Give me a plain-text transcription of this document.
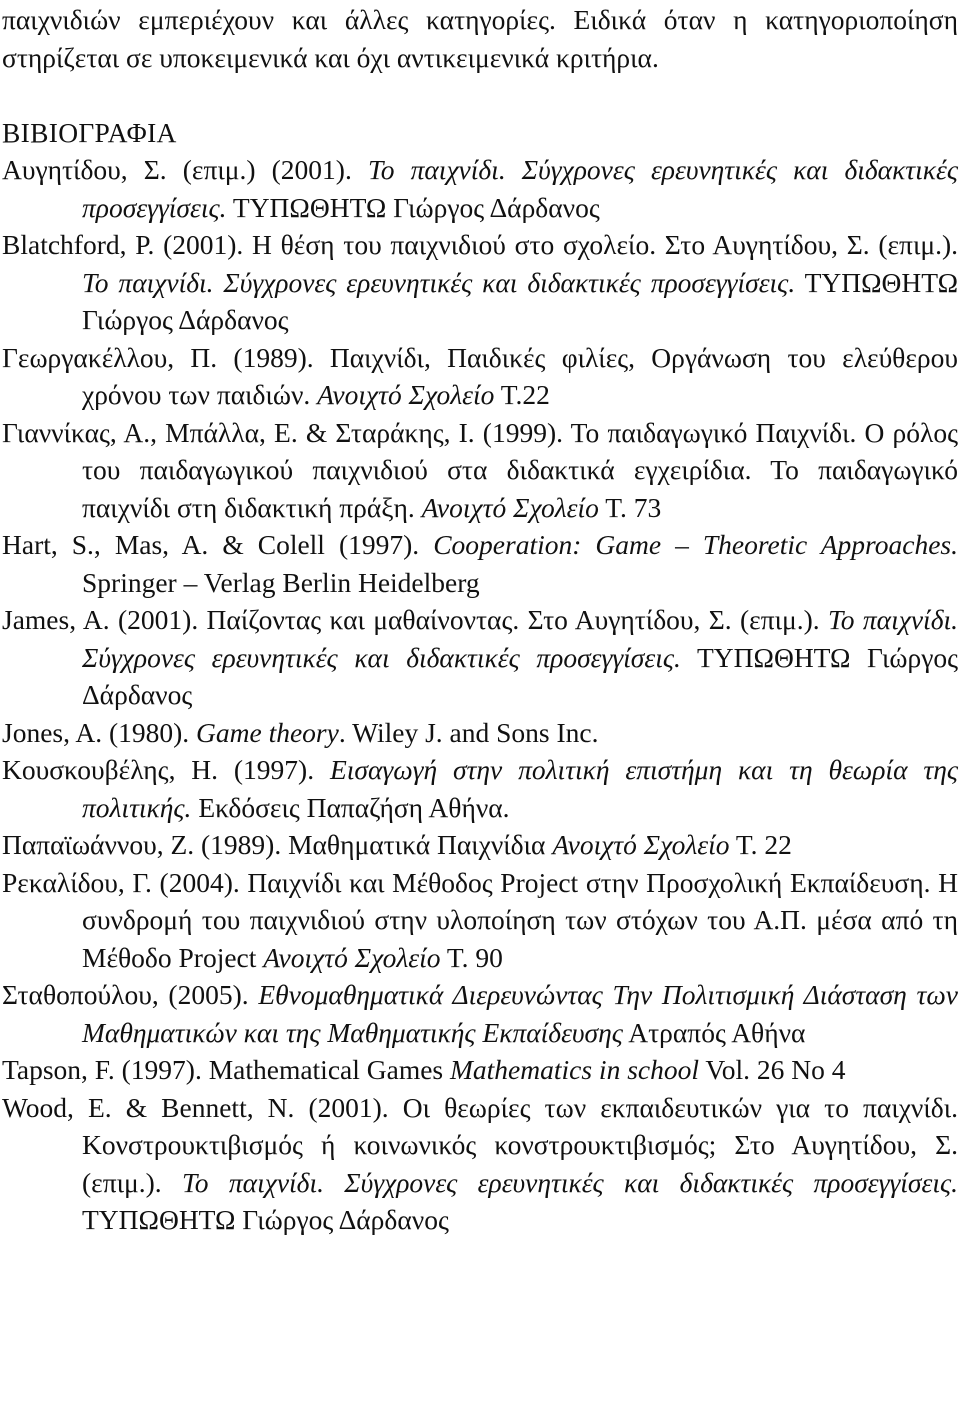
παιχνιδιών εμπεριέχουν και άλλες κατηγορίες. Ειδικά όταν η κατηγοριοποίηση στηρίζεται σε υποκειμενικά και όχι αντικειμενικά κριτήρια.

ΒΙΒΙΟΓΡΑΦΙΑ
Αυγητίδου, Σ. (επιμ.) (2001). Το παιχνίδι. Σύγχρονες ερευνητικές και διδακτικές προσεγγίσεις. ΤΥΠΩΘΗΤΩ Γιώργος Δάρδανος
Blatchford, P. (2001). Η θέση του παιχνιδιού στο σχολείο. Στο Αυγητίδου, Σ. (επιμ.). Το παιχνίδι. Σύγχρονες ερευνητικές και διδακτικές προσεγγίσεις. ΤΥΠΩΘΗΤΩ Γιώργος Δάρδανος
Γεωργακέλλου, Π. (1989). Παιχνίδι, Παιδικές φιλίες, Οργάνωση του ελεύθερου χρόνου των παιδιών. Ανοιχτό Σχολείο Τ.22
Γιαννίκας, Α., Μπάλλα, Ε. & Σταράκης, Ι. (1999). Το παιδαγωγικό Παιχνίδι. Ο ρόλος του παιδαγωγικού παιχνιδιού στα διδακτικά εγχειρίδια. Το παιδαγωγικό παιχνίδι στη διδακτική πράξη. Ανοιχτό Σχολείο Τ. 73
Hart, S., Mas, A. & Colell (1997). Cooperation: Game – Theoretic Approaches. Springer – Verlag Berlin Heidelberg
James, A. (2001). Παίζοντας και μαθαίνοντας. Στο Αυγητίδου, Σ. (επιμ.). Το παιχνίδι. Σύγχρονες ερευνητικές και διδακτικές προσεγγίσεις. ΤΥΠΩΘΗΤΩ Γιώργος Δάρδανος
Jones, A. (1980). Game theory. Wiley J. and Sons Inc.
Κουσκουβέλης, Η. (1997). Εισαγωγή στην πολιτική επιστήμη και τη θεωρία της πολιτικής. Εκδόσεις Παπαζήση Αθήνα.
Παπαϊωάννου, Ζ. (1989). Μαθηματικά Παιχνίδια Ανοιχτό Σχολείο Τ. 22
Ρεκαλίδου, Γ. (2004). Παιχνίδι και Μέθοδος Project στην Προσχολική Εκπαίδευση. Η συνδρομή του παιχνιδιού στην υλοποίηση των στόχων του Α.Π. μέσα από τη Μέθοδο Project Ανοιχτό Σχολείο Τ. 90
Σταθοπούλου, (2005). Εθνομαθηματικά Διερευνώντας Την Πολιτισμική Διάσταση των Μαθηματικών και της Μαθηματικής Εκπαίδευσης Ατραπός Αθήνα
Tapson, F. (1997). Mathematical Games Mathematics in school Vol. 26 No 4
Wood, E. & Bennett, N. (2001). Οι θεωρίες των εκπαιδευτικών για το παιχνίδι. Κονστρουκτιβισμός ή κοινωνικός κονστρουκτιβισμός; Στο Αυγητίδου, Σ. (επιμ.). Το παιχνίδι. Σύγχρονες ερευνητικές και διδακτικές προσεγγίσεις. ΤΥΠΩΘΗΤΩ Γιώργος Δάρδανος
